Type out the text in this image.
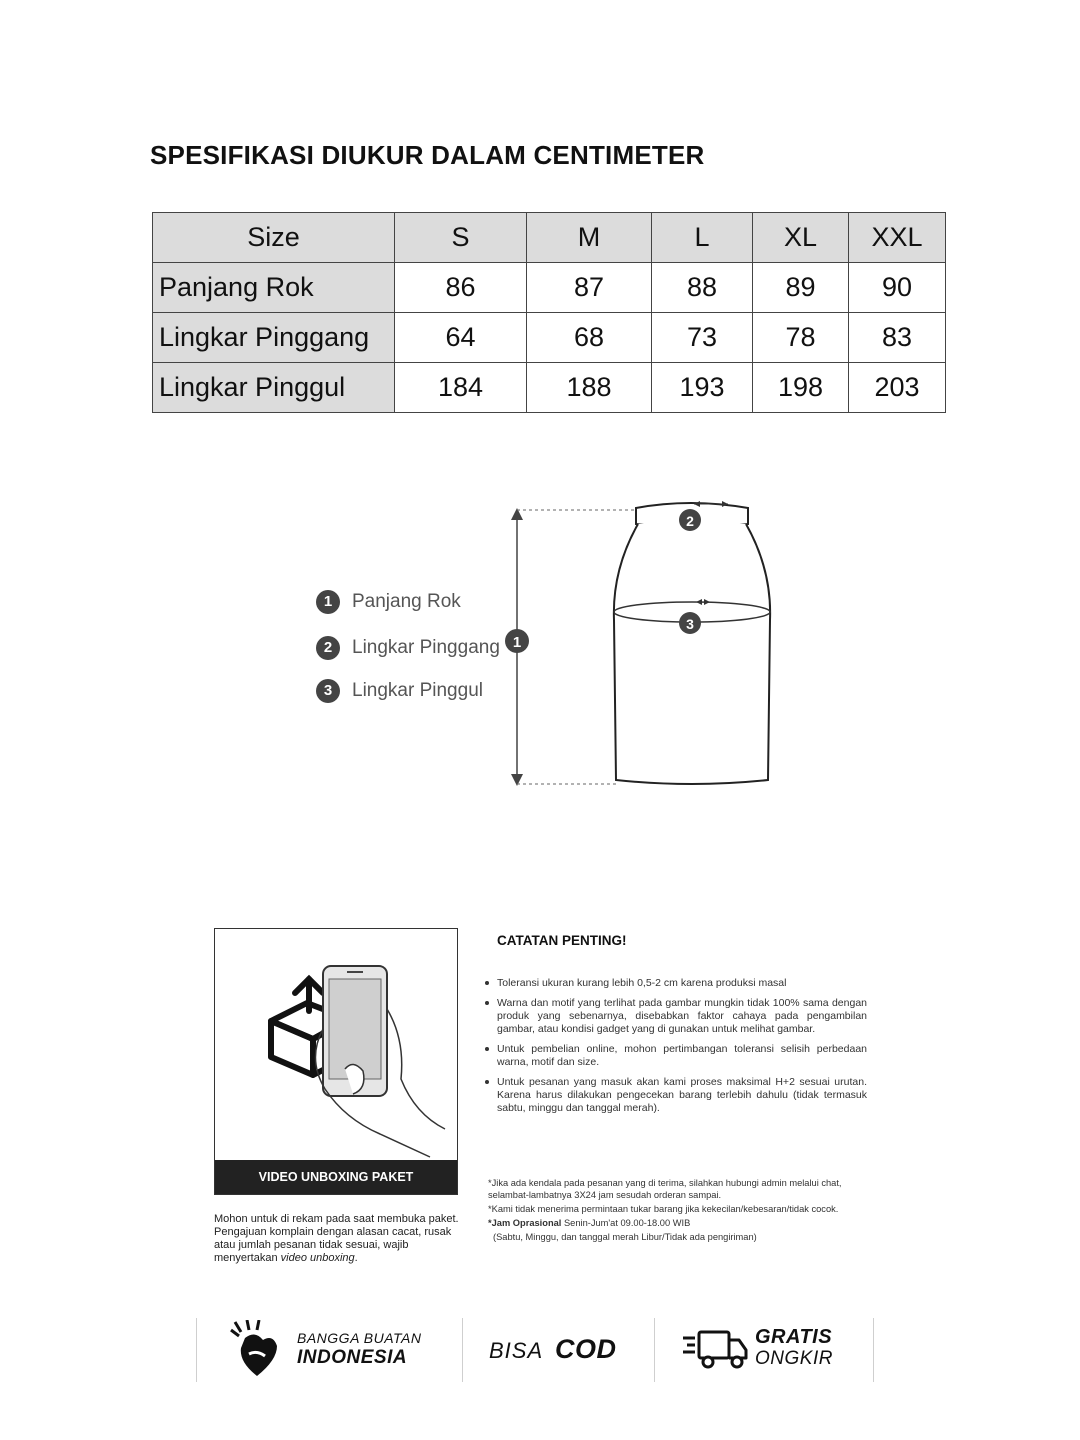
SPESIFIKASI DIUKUR DALAM CENTIMETER
Size	S	M	L	XL	XXL
Panjang Rok	86	87	88	89	90
Lingkar Pinggang	64	68	73	78	83
Lingkar Pinggul	184	188	193	198	203
1 Panjang Rok
2 Lingkar Pinggang
3 Lingkar Pinggul
1
2
3
VIDEO UNBOXING PAKET
Mohon untuk di rekam pada saat membuka paket. Pengajuan komplain dengan alasan cacat, rusak atau jumlah pesanan tidak sesuai, wajib menyertakan video unboxing.
CATATAN PENTING!
Toleransi ukuran kurang lebih 0,5-2 cm karena produksi masal
Warna dan motif yang terlihat pada gambar mungkin tidak 100% sama dengan produk yang sebenarnya, disebabkan faktor cahaya pada pengambilan gambar, atau kondisi gadget yang di gunakan untuk melihat gambar.
Untuk pembelian online, mohon pertimbangan toleransi selisih perbedaan warna, motif dan size.
Untuk pesanan yang masuk akan kami proses maksimal H+2 sesuai urutan. Karena harus dilakukan pengecekan barang terlebih dahulu (tidak termasuk sabtu, minggu dan tanggal merah).

*Jika ada kendala pada pesanan yang di terima, silahkan hubungi admin melalui chat, selambat-lambatnya 3X24 jam sesudah orderan sampai.

*Kami tidak menerima permintaan tukar barang jika kekecilan/kebesaran/tidak cocok.

*Jam Oprasional Senin-Jum'at 09.00-18.00 WIB

(Sabtu, Minggu, dan tanggal merah Libur/Tidak ada pengiriman)

BANGGA BUATAN
INDONESIA	BISA COD	GRATIS
ONGKIR
